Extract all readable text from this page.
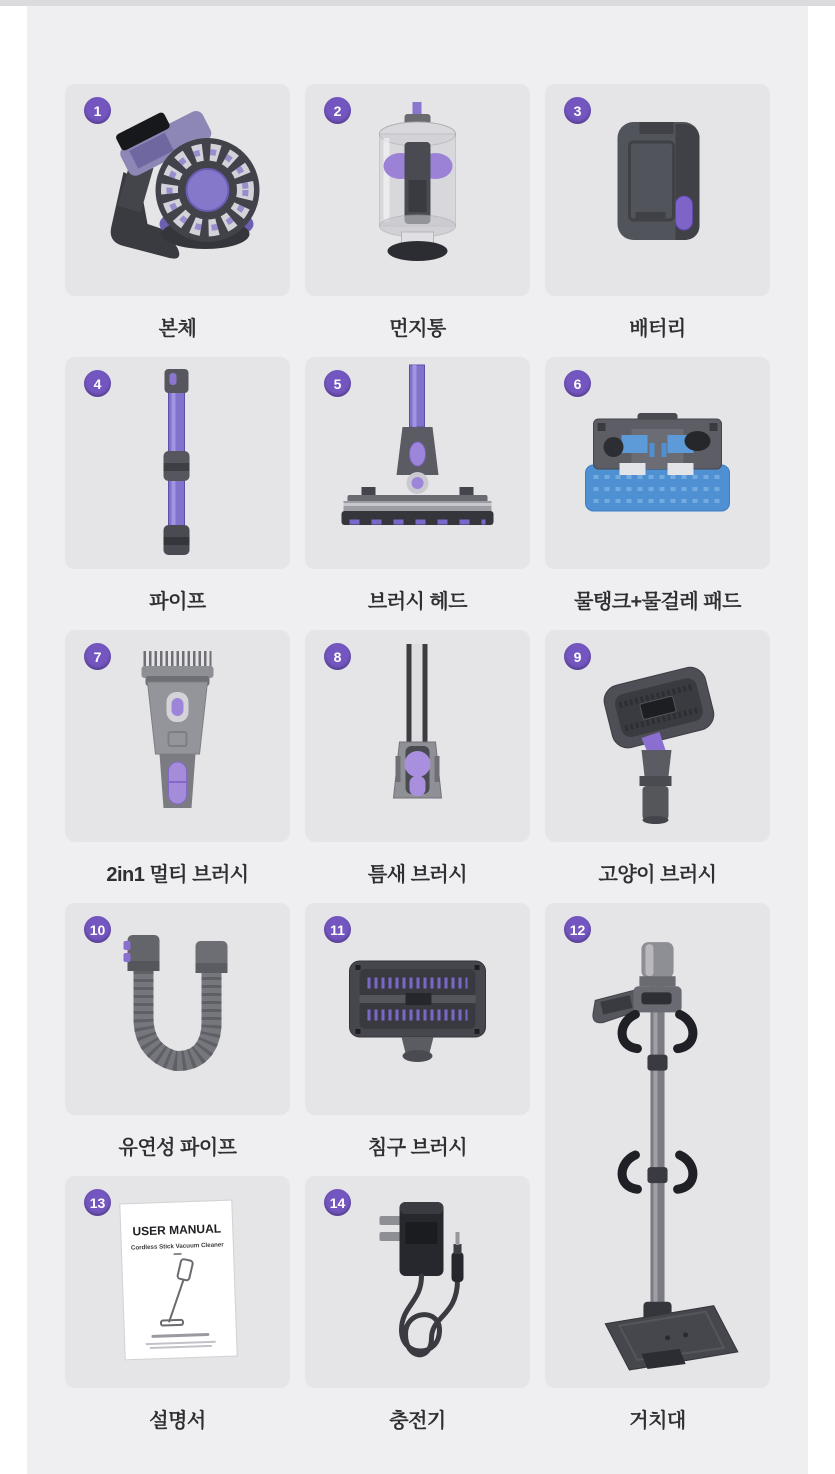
1
본체
2
먼지통
3
배터리
4
파이프
5
브러시 헤드
6
물탱크+물걸레 패드
7
2in1 멀티 브러시
8
틈새 브러시
9
고양이 브러시
10
유연성 파이프
11
침구 브러시
12
거치대
13
USER MANUAL
Cordless Stick Vacuum Cleaner
설명서
14
충전기
